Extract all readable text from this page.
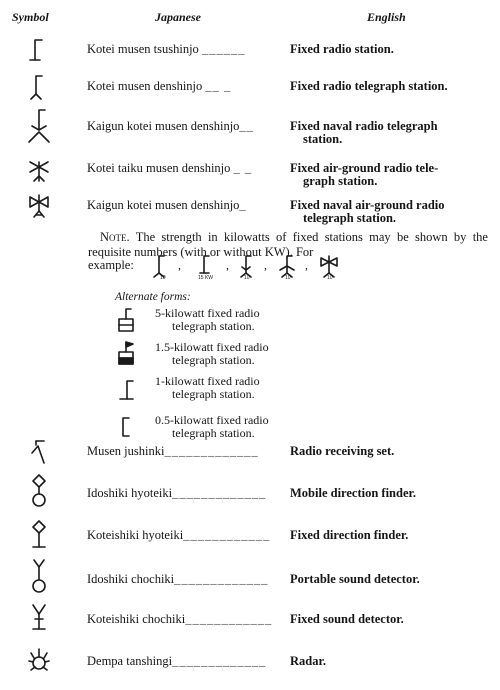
Symbol	Japanese	English
Kotei musen tsushinjo ______	Fixed radio station.
Kotei musen denshinjo __ _	Fixed radio telegraph station.
Kaigun kotei musen denshinjo__	Fixed naval radio telegraph
station.
Kotei taiku musen denshinjo _ _	Fixed air-ground radio tele-
graph station.
Kaigun kotei musen denshinjo_	Fixed naval air-ground radio
telegraph station.
Note. The strength in kilowatts of fixed stations may be shown by the requisite numbers (with or without KW). For
example:
10
,
15 KW
,
10
,
10
,
10
Alternate forms:
5-kilowatt fixed radio
telegraph station.
1.5-kilowatt fixed radio
telegraph station.
1-kilowatt fixed radio
telegraph station.
0.5-kilowatt fixed radio
telegraph station.
Musen jushinki_____________	Radio receiving set.
Idoshiki hyoteiki_____________ Mobile direction finder.
Koteishiki hyoteiki____________ Fixed direction finder.
Idoshiki chochiki_____________ Portable sound detector.
Koteishiki chochiki____________ Fixed sound detector.
Dempa tanshingi_____________ Radar.
